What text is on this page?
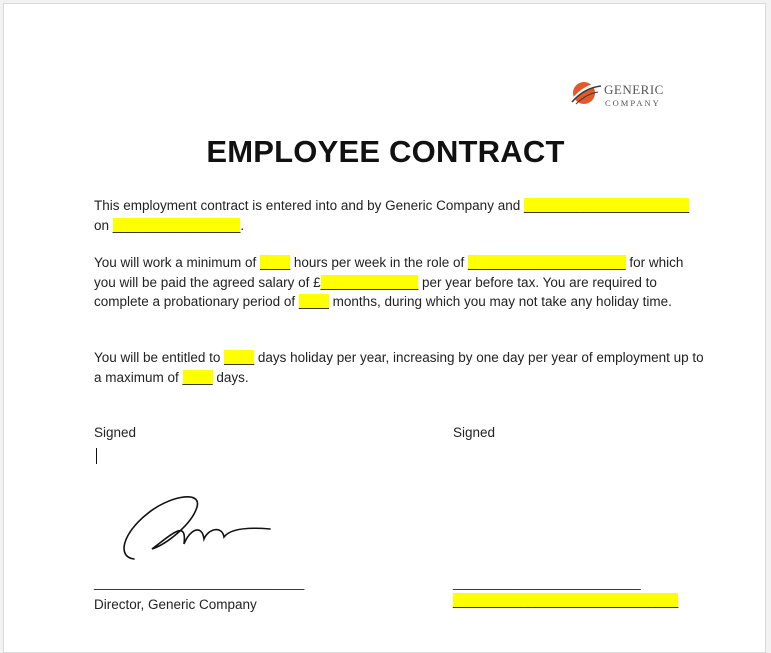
GENERIC
COMPANY
EMPLOYEE CONTRACT
This employment contract is entered into and by Generic Company and ______________________
on _________________.
You will work a minimum of ____ hours per week in the role of _____________________ for which you will be paid the agreed salary of £_____________ per year before tax. You are required to complete a probationary period of ____ months, during which you may not take any holiday time.
You will be entitled to ____ days holiday per year, increasing by one day per year of employment up to a maximum of ____ days.
Signed	Signed
____________________________	_________________________
Director, Generic Company	______________________________
